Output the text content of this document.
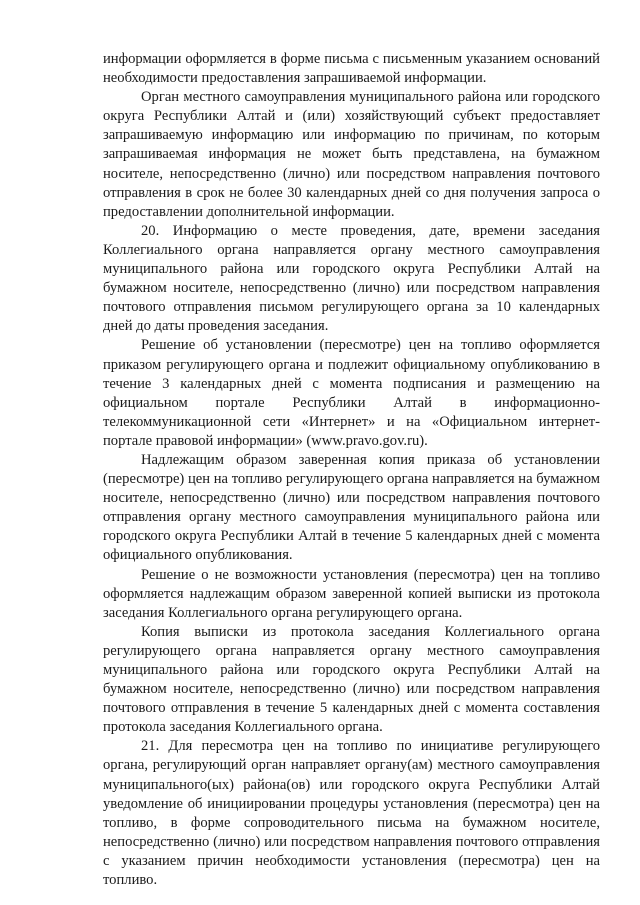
информации оформляется в форме письма с письменным указанием оснований необходимости предоставления запрашиваемой информации.

Орган местного самоуправления муниципального района или городского округа Республики Алтай и (или) хозяйствующий субъект предоставляет запрашиваемую информацию или информацию по причинам, по которым запрашиваемая информация не может быть представлена, на бумажном носителе, непосредственно (лично) или посредством направления почтового отправления в срок не более 30 календарных дней со дня получения запроса о предоставлении дополнительной информации.

20. Информацию о месте проведения, дате, времени заседания Коллегиального органа направляется органу местного самоуправления муниципального района или городского округа Республики Алтай на бумажном носителе, непосредственно (лично) или посредством направления почтового отправления письмом регулирующего органа за 10 календарных дней до даты проведения заседания.

Решение об установлении (пересмотре) цен на топливо оформляется приказом регулирующего органа и подлежит официальному опубликованию в течение 3 календарных дней с момента подписания и размещению на официальном портале Республики Алтай в информационно-телекоммуникационной сети «Интернет» и на «Официальном интернет-портале правовой информации» (www.pravo.gov.ru).

Надлежащим образом заверенная копия приказа об установлении (пересмотре) цен на топливо регулирующего органа направляется на бумажном носителе, непосредственно (лично) или посредством направления почтового отправления органу местного самоуправления муниципального района или городского округа Республики Алтай в течение 5 календарных дней с момента официального опубликования.

Решение о не возможности установления (пересмотра) цен на топливо оформляется надлежащим образом заверенной копией выписки из протокола заседания Коллегиального органа регулирующего органа.

Копия выписки из протокола заседания Коллегиального органа регулирующего органа направляется органу местного самоуправления муниципального района или городского округа Республики Алтай на бумажном носителе, непосредственно (лично) или посредством направления почтового отправления в течение 5 календарных дней с момента составления протокола заседания Коллегиального органа.

21. Для пересмотра цен на топливо по инициативе регулирующего органа, регулирующий орган направляет органу(ам) местного самоуправления муниципального(ых) района(ов) или городского округа Республики Алтай уведомление об инициировании процедуры установления (пересмотра) цен на топливо, в форме сопроводительного письма на бумажном носителе, непосредственно (лично) или посредством направления почтового отправления с указанием причин необходимости установления (пересмотра) цен на топливо.
